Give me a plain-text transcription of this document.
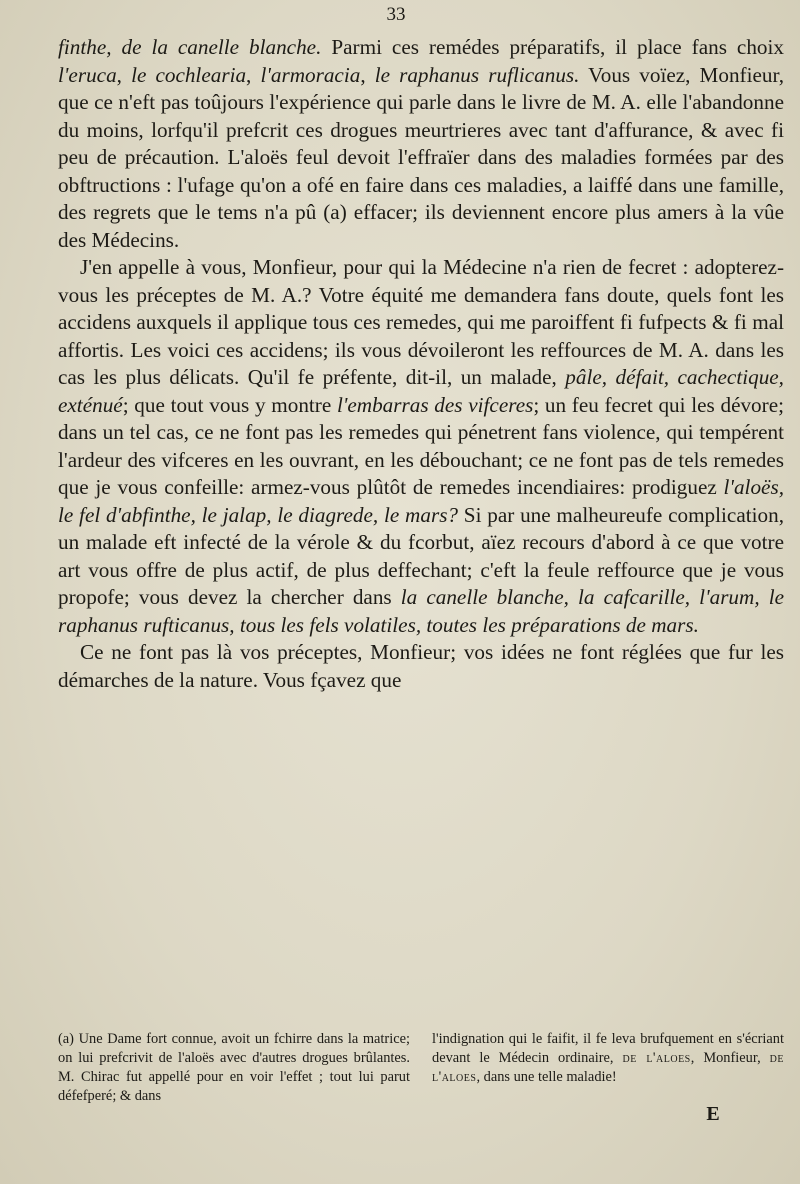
33

finthe, de la canelle blanche. Parmi ces remédes préparatifs, il place fans choix l'eruca, le cochlearia, l'armoracia, le raphanus ruflicanus. Vous voïez, Monfieur, que ce n'eft pas toûjours l'expérience qui parle dans le livre de M. A. elle l'abandonne du moins, lorfqu'il prefcrit ces drogues meurtrieres avec tant d'affurance, & avec fi peu de précaution. L'aloës feul devoit l'effraïer dans des maladies formées par des obftructions : l'ufage qu'on a ofé en faire dans ces maladies, a laiffé dans une famille, des regrets que le tems n'a pû (a) effacer; ils deviennent encore plus amers à la vûe des Médecins.

J'en appelle à vous, Monfieur, pour qui la Médecine n'a rien de fecret : adopterez-vous les préceptes de M. A.? Votre équité me demandera fans doute, quels font les accidens auxquels il applique tous ces remedes, qui me paroiffent fi fufpects & fi mal affortis. Les voici ces accidens; ils vous dévoileront les reffources de M. A. dans les cas les plus délicats. Qu'il fe préfente, dit-il, un malade, pâle, défait, cachectique, exténué; que tout vous y montre l'embarras des vifceres; un feu fecret qui les dévore; dans un tel cas, ce ne font pas les remedes qui pénetrent fans violence, qui tempérent l'ardeur des vifceres en les ouvrant, en les débouchant; ce ne font pas de tels remedes que je vous confeille: armez-vous plûtôt de remedes incendiaires: prodiguez l'aloës, le fel d'abfinthe, le jalap, le diagrede, le mars? Si par une malheureufe complication, un malade eft infecté de la vérole & du fcorbut, aïez recours d'abord à ce que votre art vous offre de plus actif, de plus deffechant; c'eft la feule reffource que je vous propofe; vous devez la chercher dans la canelle blanche, la cafcarille, l'arum, le raphanus rufticanus, tous les fels volatiles, toutes les préparations de mars.

Ce ne font pas là vos préceptes, Monfieur; vos idées ne font réglées que fur les démarches de la nature. Vous fçavez que

(a) Une Dame fort connue, avoit un fchirre dans la matrice; on lui prefcrivit de l'aloës avec d'autres drogues brûlantes. M. Chirac fut appellé pour en voir l'effet ; tout lui parut défefperé; & dans
l'indignation qui le faifit, il fe leva brufquement en s'écriant devant le Médecin ordinaire, de l'aloes, Monfieur, de l'aloes, dans une telle maladie!
E
